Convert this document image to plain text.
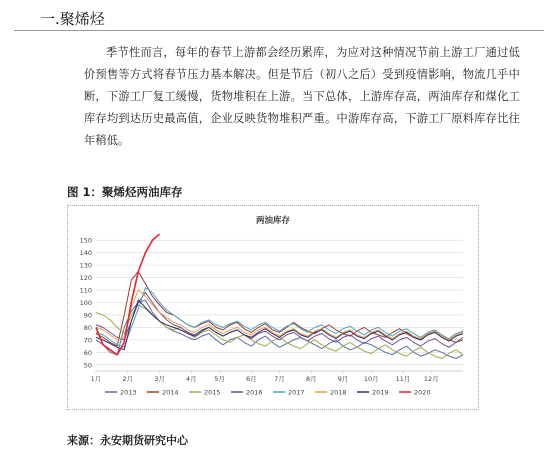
一.聚烯烃
季节性而言，每年的春节上游都会经历累库，为应对这种情况节前上游工厂通过低价预售等方式将春节压力基本解决。但是节后（初八之后）受到疫情影响，物流几乎中断，下游工厂复工缓慢，货物堆积在上游。当下总体，上游库存高，两油库存和煤化工库存均到达历史最高值，企业反映货物堆积严重。中游库存高，下游工厂原料库存比往年稍低。
图 1：聚烯烃两油库存
两油库存
50
60
70
80
90
100
110
120
130
140
150
1月	2月	3月	4月	5月	6月	7月	8月	9月 10月	11月 12月
2013	2014	2015	2016	2017	2018	2019	2020
来源：永安期货研究中心
